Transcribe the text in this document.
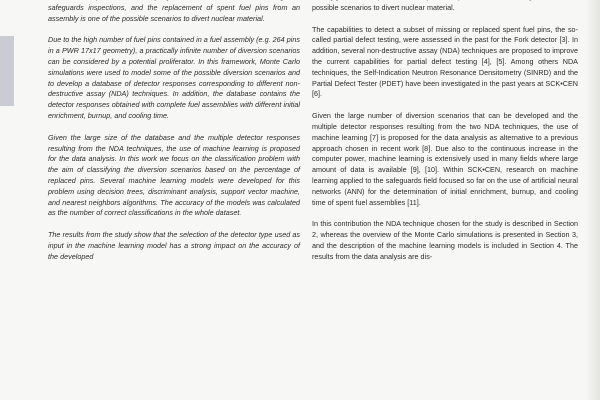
safeguards inspections, and the replacement of spent fuel pins from an assembly is one of the possible scenarios to divert nuclear material.

Due to the high number of fuel pins contained in a fuel assembly (e.g. 264 pins in a PWR 17x17 geometry), a practically infinite number of diversion scenarios can be considered by a potential proliferator. In this framework, Monte Carlo simulations were used to model some of the possible diversion scenarios and to develop a database of detector responses corresponding to different non-destructive assay (NDA) techniques. In addition, the database contains the detector responses obtained with complete fuel assemblies with different initial enrichment, burnup, and cooling time.

Given the large size of the database and the multiple detector responses resulting from the NDA techniques, the use of machine learning is proposed for the data analysis. In this work we focus on the classification problem with the aim of classifying the diversion scenarios based on the percentage of replaced pins. Several machine learning models were developed for this problem using decision trees, discriminant analysis, support vector machine, and nearest neighbors algorithms. The accuracy of the models was calculated as the number of correct classifications in the whole dataset.

The results from the study show that the selection of the detector type used as input in the machine learning model has a strong impact on the accuracy of the developed

possible scenarios to divert nuclear material.

The capabilities to detect a subset of missing or replaced spent fuel pins, the so-called partial defect testing, were assessed in the past for the Fork detector [3]. In addition, several non-destructive assay (NDA) techniques are proposed to improve the current capabilities for partial defect testing [4], [5]. Among others NDA techniques, the Self-Indication Neutron Resonance Densitometry (SINRD) and the Partial Defect Tester (PDET) have been investigated in the past years at SCK•CEN [6].

Given the large number of diversion scenarios that can be developed and the multiple detector responses resulting from the two NDA techniques, the use of machine learning [7] is proposed for the data analysis as alternative to a previous approach chosen in recent work [8]. Due also to the continuous increase in the computer power, machine learning is extensively used in many fields where large amount of data is available [9], [10]. Within SCK•CEN, research on machine learning applied to the safeguards field focused so far on the use of artificial neural networks (ANN) for the determination of initial enrichment, burnup, and cooling time of spent fuel assemblies [11].

In this contribution the NDA technique chosen for the study is described in Section 2, whereas the overview of the Monte Carlo simulations is presented in Section 3, and the description of the machine learning models is included in Section 4. The results from the data analysis are dis-
